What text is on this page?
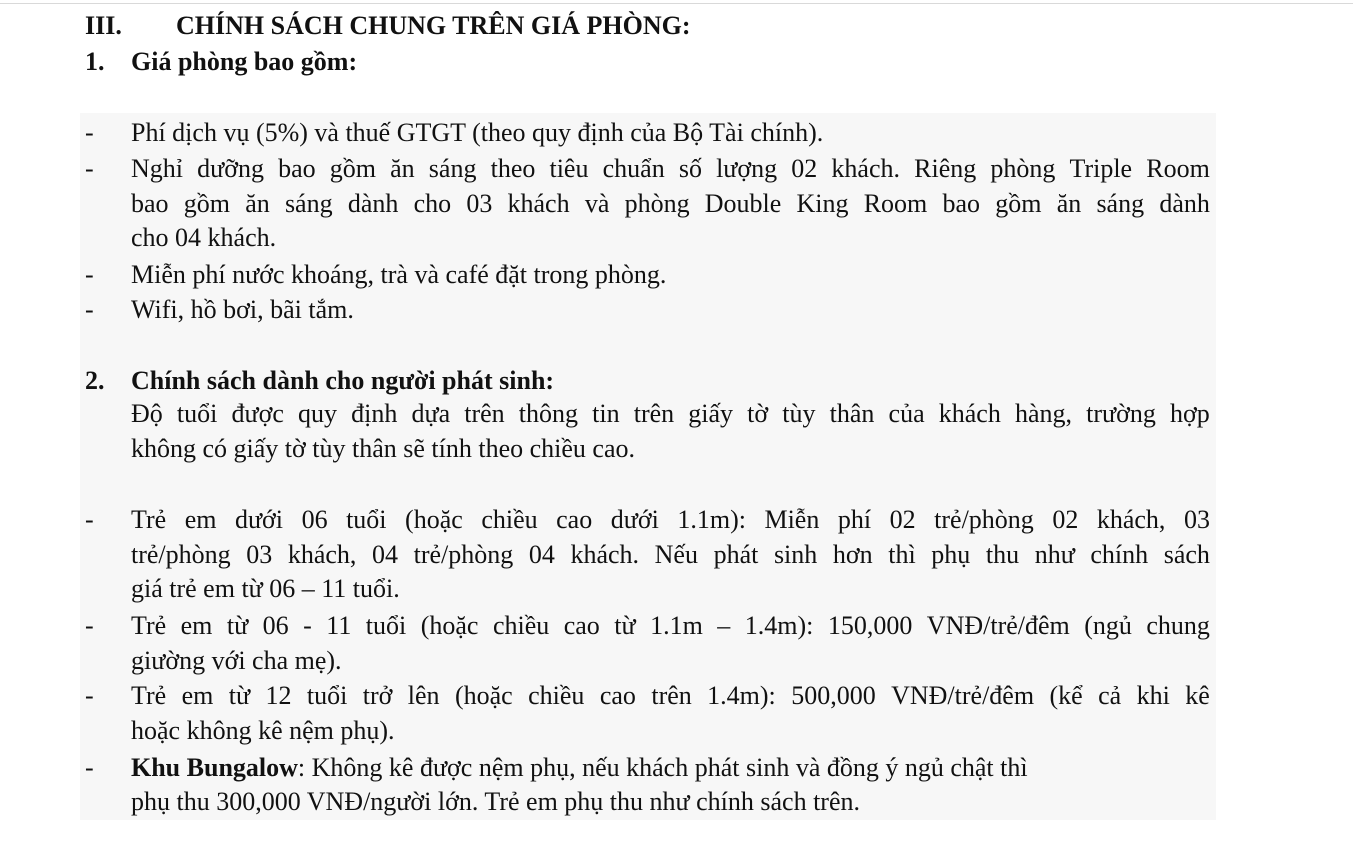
III. CHÍNH SÁCH CHUNG TRÊN GIÁ PHÒNG:
1. Giá phòng bao gồm:
- Phí dịch vụ (5%) và thuế GTGT (theo quy định của Bộ Tài chính).
- Nghỉ dưỡng bao gồm ăn sáng theo tiêu chuẩn số lượng 02 khách. Riêng phòng Triple Room
bao gồm ăn sáng dành cho 03 khách và phòng Double King Room bao gồm ăn sáng dành
cho 04 khách.
- Miễn phí nước khoáng, trà và café đặt trong phòng.
- Wifi, hồ bơi, bãi tắm.
2. Chính sách dành cho người phát sinh:
Độ tuổi được quy định dựa trên thông tin trên giấy tờ tùy thân của khách hàng, trường hợp
không có giấy tờ tùy thân sẽ tính theo chiều cao.
- Trẻ em dưới 06 tuổi (hoặc chiều cao dưới 1.1m): Miễn phí 02 trẻ/phòng 02 khách, 03
trẻ/phòng 03 khách, 04 trẻ/phòng 04 khách. Nếu phát sinh hơn thì phụ thu như chính sách
giá trẻ em từ 06 – 11 tuổi.
- Trẻ em từ 06 - 11 tuổi (hoặc chiều cao từ 1.1m – 1.4m): 150,000 VNĐ/trẻ/đêm (ngủ chung
giường với cha mẹ).
- Trẻ em từ 12 tuổi trở lên (hoặc chiều cao trên 1.4m): 500,000 VNĐ/trẻ/đêm (kể cả khi kê
hoặc không kê nệm phụ).
- Khu Bungalow: Không kê được nệm phụ, nếu khách phát sinh và đồng ý ngủ chật thì
phụ thu 300,000 VNĐ/người lớn. Trẻ em phụ thu như chính sách trên.
